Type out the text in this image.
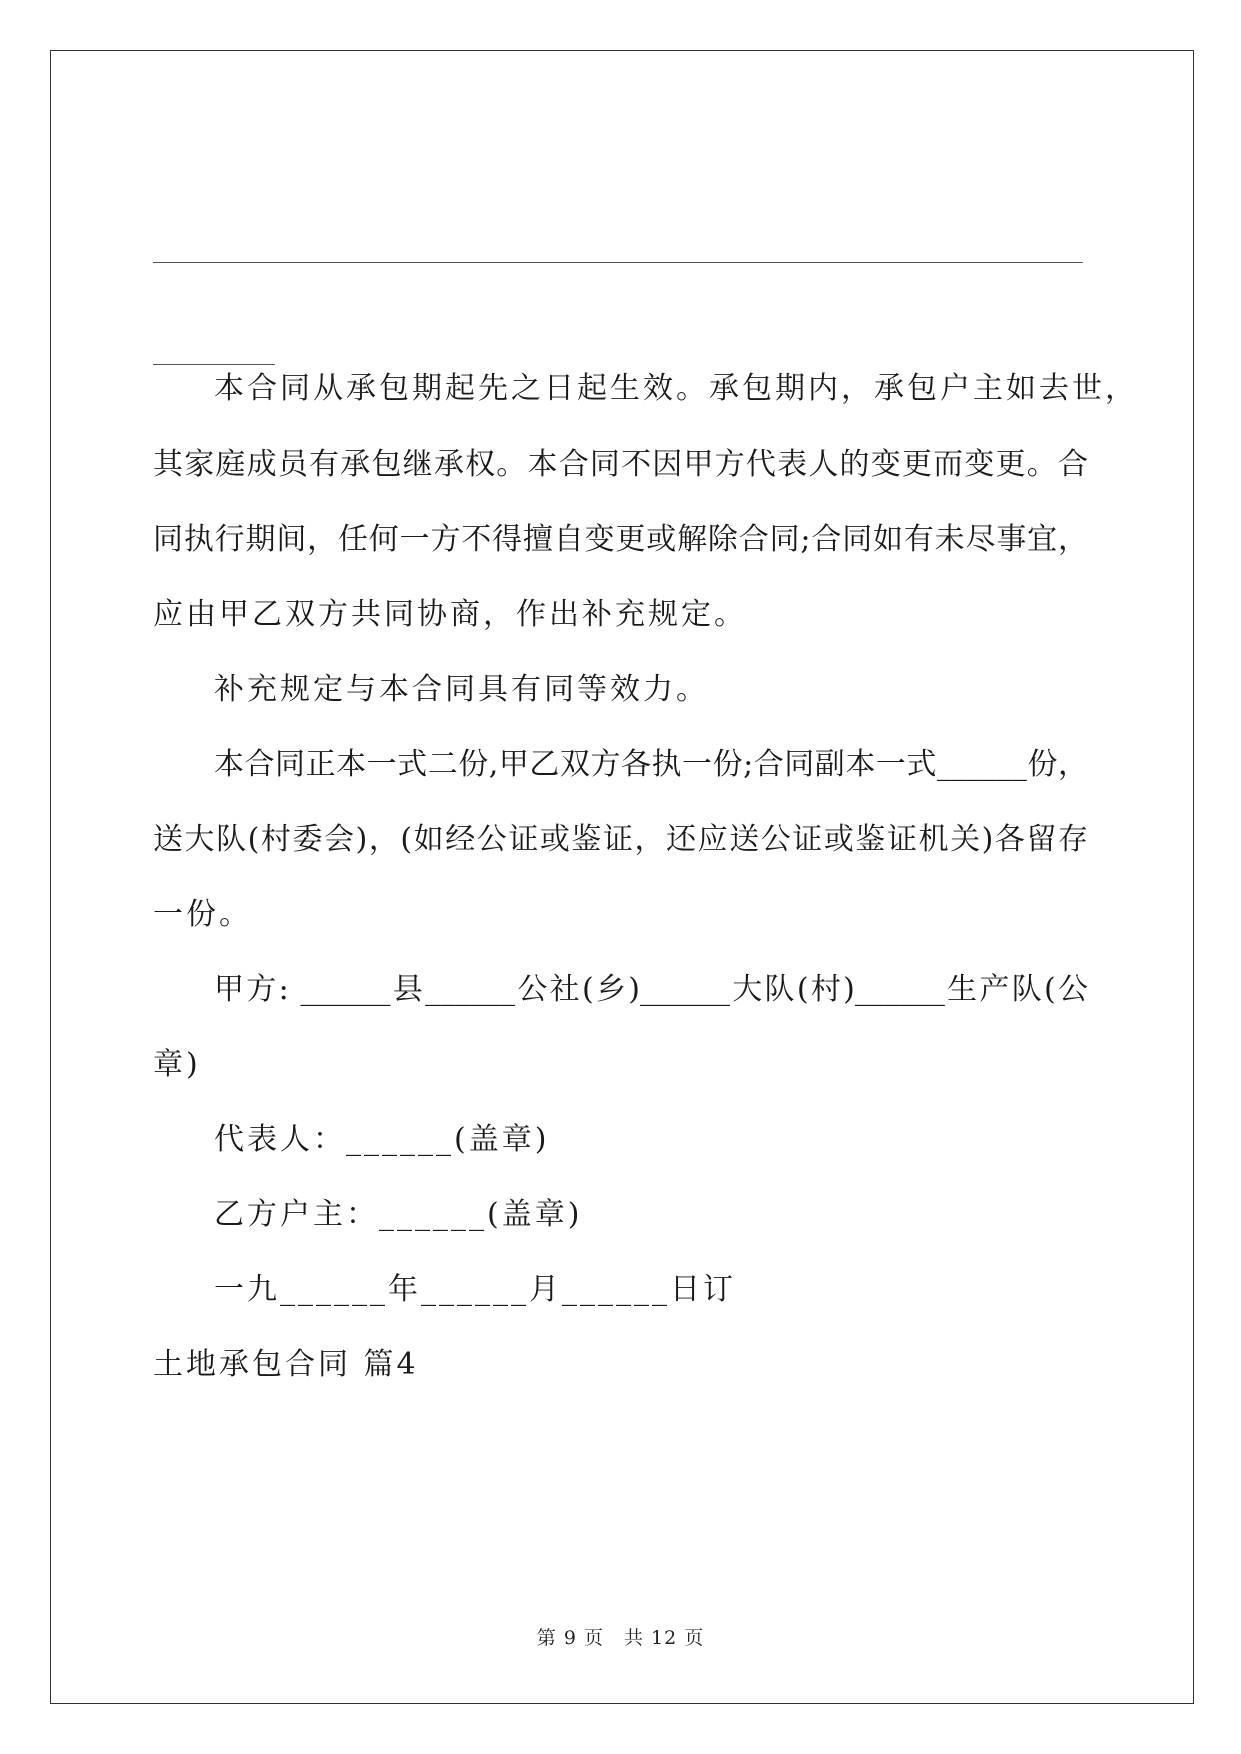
本合同从承包期起先之日起生效。承包期内，承包户主如去世，
其家庭成员有承包继承权。本合同不因甲方代表人的变更而变更。合
同执行期间，任何一方不得擅自变更或解除合同;合同如有未尽事宜，
应由甲乙双方共同协商，作出补充规定。
补充规定与本合同具有同等效力。
本合同正本一式二份,甲乙双方各执一份;合同副本一式______份，
送大队(村委会)，(如经公证或鉴证，还应送公证或鉴证机关)各留存
一份。
甲方: ______县______公社(乡)______大队(村)______生产队(公
章)
代表人：______(盖章)
乙方户主：______(盖章)
一九______年______月______日订
土地承包合同 篇4
第 9 页　共 12 页
